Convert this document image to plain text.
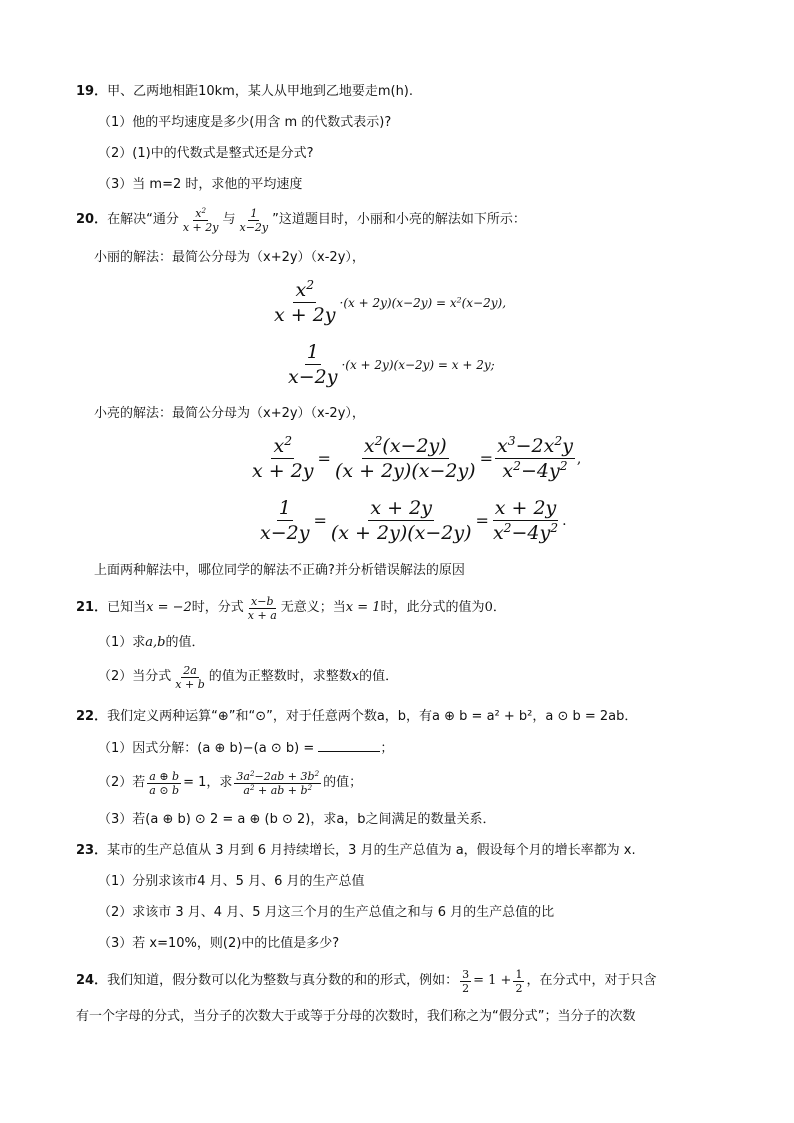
19．甲、乙两地相距10km，某人从甲地到乙地要走m(h).
（1）他的平均速度是多少(用含 m 的代数式表示)?
（2）(1)中的代数式是整式还是分式?
（3）当 m=2 时，求他的平均速度
20． 在解决“通分 $\frac{x^2}{x + 2y}$ 与 $\frac{1}{x-2y}$ ”这道题目时，小丽和小亮的解法如下所示：
小丽的解法：最简公分母为（x+2y）（x-2y），
$\frac{x^2}{x + 2y} \cdot(x + 2y)(x-2y) = x^2(x-2y)$,
$\frac{1}{x-2y} \cdot(x + 2y)(x-2y) = x + 2y$;
小亮的解法：最简公分母为（x+2y）（x-2y），
$\frac{x^2}{x + 2y} = \frac{x^2(x-2y)}{(x + 2y)(x-2y)} = \frac{x^3-2x^2y}{x^2-4y^2}$ ,
$\frac{1}{x-2y} = \frac{x + 2y}{(x + 2y)(x-2y)} = \frac{x + 2y}{x^2-4y^2}$ .
上面两种解法中，哪位同学的解法不正确?并分析错误解法的原因
21． 已知当 x = −2 时，分式 $\frac{x-b}{x + a}$ 无意义；当 x = 1 时，此分式的值为 0 ．
（1）求a,b的值．
（2）当分式 $\frac{2a}{x + b}$ 的值为正整数时，求整数 x 的值．
22．我们定义两种运算“⊕”和“⊙”，对于任意两个数a，b，有a ⊕ b = a² + b²，a ⊙ b = 2ab．
（1）因式分解：(a ⊕ b)−(a ⊙ b) =	；
（2）若 $\frac{a \oplus b}{a ⊙ b} = 1$，求 $\frac{3a^2-2ab + 3b^2}{a^2 + ab + b^2}$ 的值；
（3）若(a ⊕ b) ⊙ 2 = a ⊕ (b ⊙ 2)，求a，b之间满足的数量关系．
23．某市的生产总值从 3 月到 6 月持续增长，3 月的生产总值为 a，假设每个月的增长率都为 x.
（1）分别求该市4 月、5 月、6 月的生产总值
（2）求该市 3 月、4 月、5 月这三个月的生产总值之和与 6 月的生产总值的比
（3）若 x=10%，则(2)中的比值是多少?
24． 我们知道，假分数可以化为整数与真分数的和的形式，例如： $\frac{3}{2} = 1 + \frac{1}{2}$ ，在分式中，对于只含
有一个字母的分式，当分子的次数大于或等于分母的次数时，我们称之为“假分式”；当分子的次数
